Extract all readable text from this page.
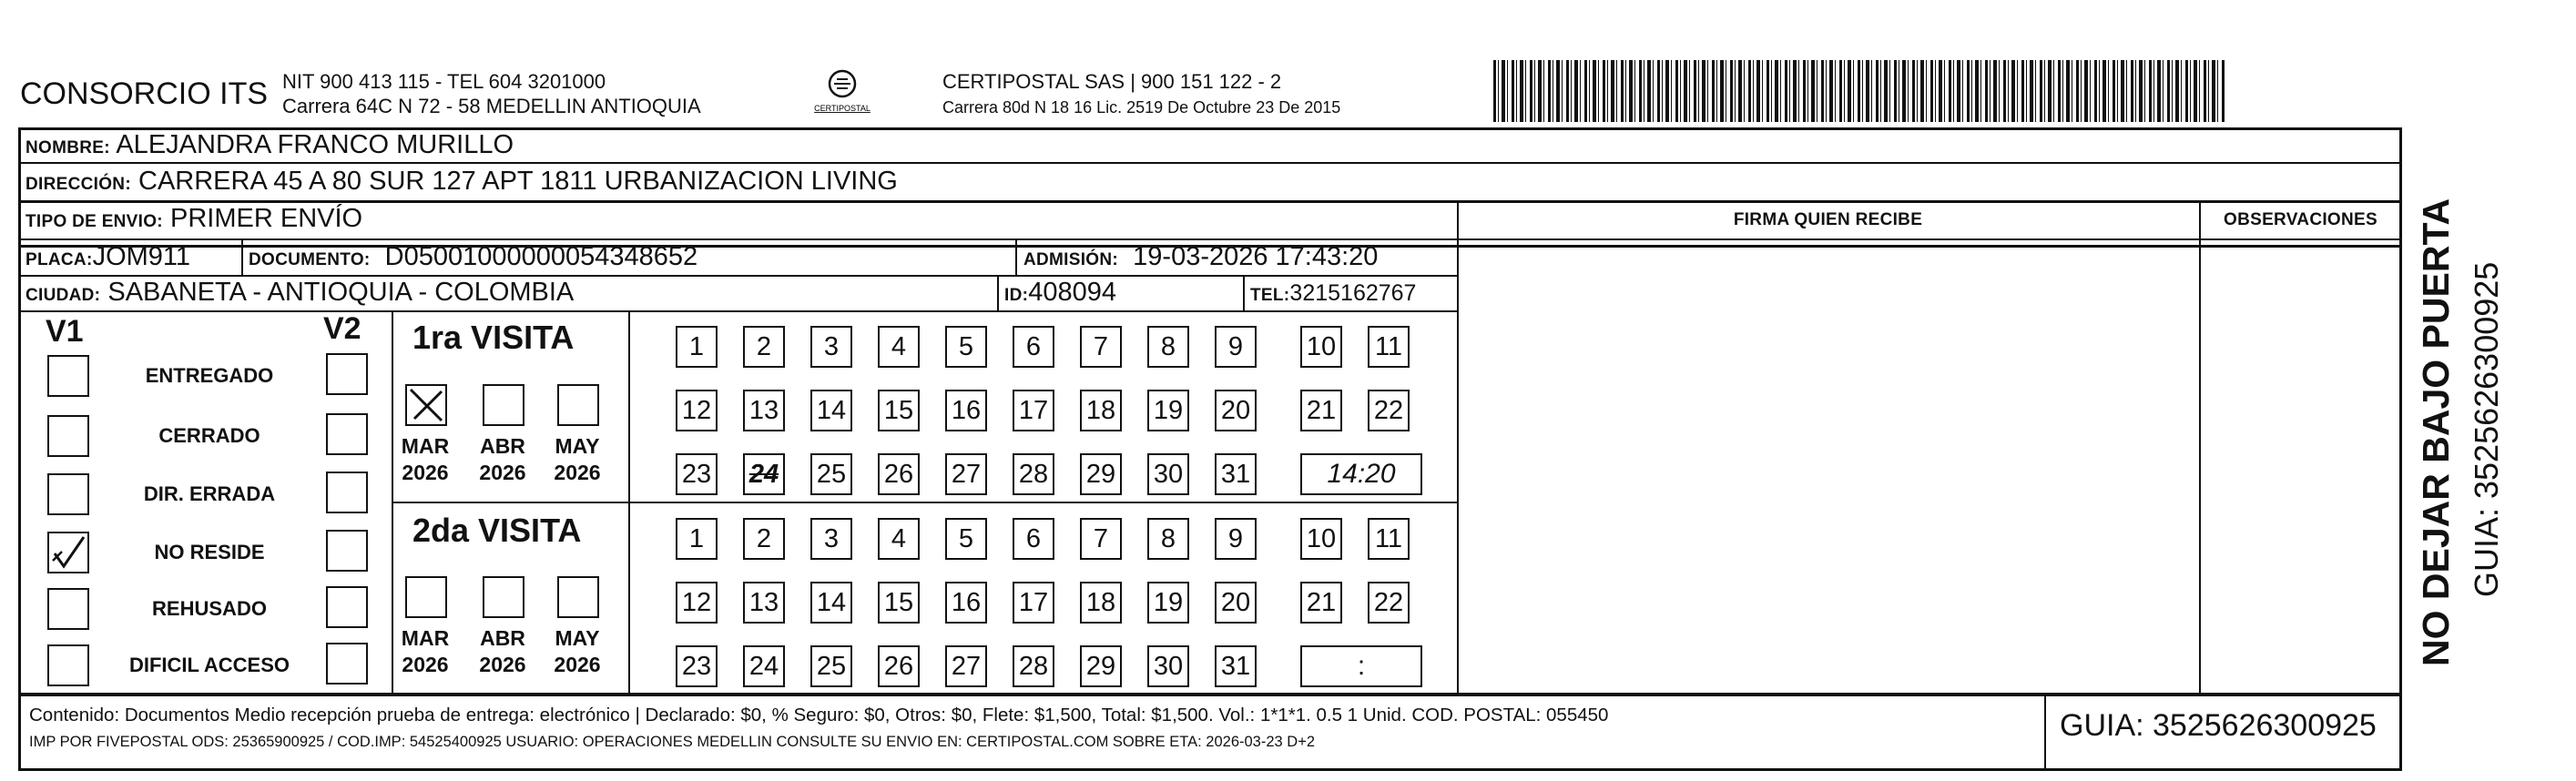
CONSORCIO ITS NIT 900 413 115 - TEL 604 3201000
Carrera 64C N 72 - 58 MEDELLIN ANTIOQUIA	CERTIPOSTAL
CERTIPOSTAL SAS | 900 151 122 - 2
Carrera 80d N 18 16 Lic. 2519 De Octubre 23 De 2015
NOMBRE: ALEJANDRA FRANCO MURILLO
DIRECCIÓN: CARRERA 45 A 80 SUR 127 APT 1811 URBANIZACION LIVING
TIPO DE ENVIO: PRIMER ENVÍO	FIRMA QUIEN RECIBE	OBSERVACIONES
PLACA:JOM911	DOCUMENTO: D05001000000054348652	ADMISIÓN: 19-03-2026 17:43:20
CIUDAD: SABANETA - ANTIOQUIA - COLOMBIA	ID:408094	TEL:3215162767
V1	V2
ENTREGADO
CERRADO
DIR. ERRADA
NO RESIDE
REHUSADO
DIFICIL ACCESO
1ra VISITA
2da VISITA
MAR
2026
ABR
2026
MAY
2026
1	2	3	4	5	6	7	8	9	10 11
12 13 14 15 16 17 18 19 20 21 22
23 24 25 26 27 28 29 30 31	14:20
MAR
2026
ABR
2026
MAY
2026
1	2	3	4	5	6	7	8	9	10 11
12 13 14 15 16 17 18 19 20 21 22
23 24 25 26 27 28 29 30 31	:
Contenido: Documentos Medio recepción prueba de entrega: electrónico | Declarado: $0, % Seguro: $0, Otros: $0, Flete: $1,500, Total: $1,500. Vol.: 1*1*1. 0.5 1 Unid. COD. POSTAL: 055450
IMP POR FIVEPOSTAL ODS: 25365900925 / COD.IMP: 54525400925 USUARIO: OPERACIONES MEDELLIN CONSULTE SU ENVIO EN: CERTIPOSTAL.COM SOBRE ETA: 2026-03-23 D+2	GUIA: 3525626300925
NO DEJAR BAJO PUERTA GUIA: 3525626300925
